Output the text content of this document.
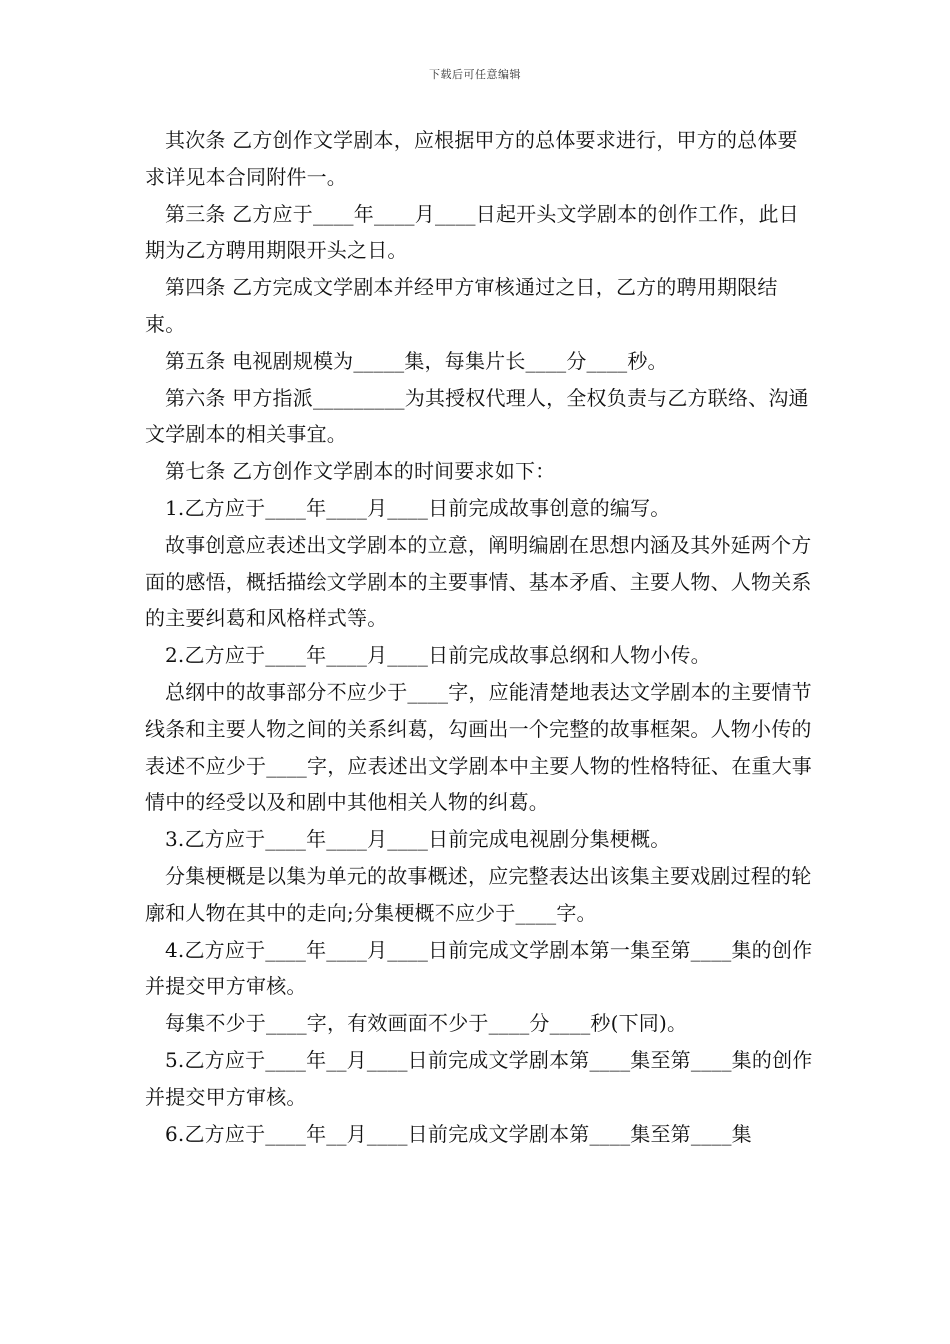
下载后可任意编辑

其次条 乙方创作文学剧本，应根据甲方的总体要求进行，甲方的总体要求详见本合同附件一。

第三条 乙方应于____年____月____日起开头文学剧本的创作工作，此日期为乙方聘用期限开头之日。

第四条 乙方完成文学剧本并经甲方审核通过之日，乙方的聘用期限结束。

第五条 电视剧规模为_____集，每集片长____分____秒。

第六条 甲方指派_________为其授权代理人，全权负责与乙方联络、沟通文学剧本的相关事宜。

第七条 乙方创作文学剧本的时间要求如下：

1.乙方应于____年____月____日前完成故事创意的编写。

故事创意应表述出文学剧本的立意，阐明编剧在思想内涵及其外延两个方面的感悟，概括描绘文学剧本的主要事情、基本矛盾、主要人物、人物关系的主要纠葛和风格样式等。

2.乙方应于____年____月____日前完成故事总纲和人物小传。

总纲中的故事部分不应少于____字，应能清楚地表达文学剧本的主要情节线条和主要人物之间的关系纠葛，勾画出一个完整的故事框架。人物小传的表述不应少于____字，应表述出文学剧本中主要人物的性格特征、在重大事情中的经受以及和剧中其他相关人物的纠葛。

3.乙方应于____年____月____日前完成电视剧分集梗概。

分集梗概是以集为单元的故事概述，应完整表达出该集主要戏剧过程的轮廓和人物在其中的走向;分集梗概不应少于____字。

4.乙方应于____年____月____日前完成文学剧本第一集至第____集的创作并提交甲方审核。

每集不少于____字，有效画面不少于____分____秒(下同)。

5.乙方应于____年__月____日前完成文学剧本第____集至第____集的创作并提交甲方审核。

6.乙方应于____年__月____日前完成文学剧本第____集至第____集
